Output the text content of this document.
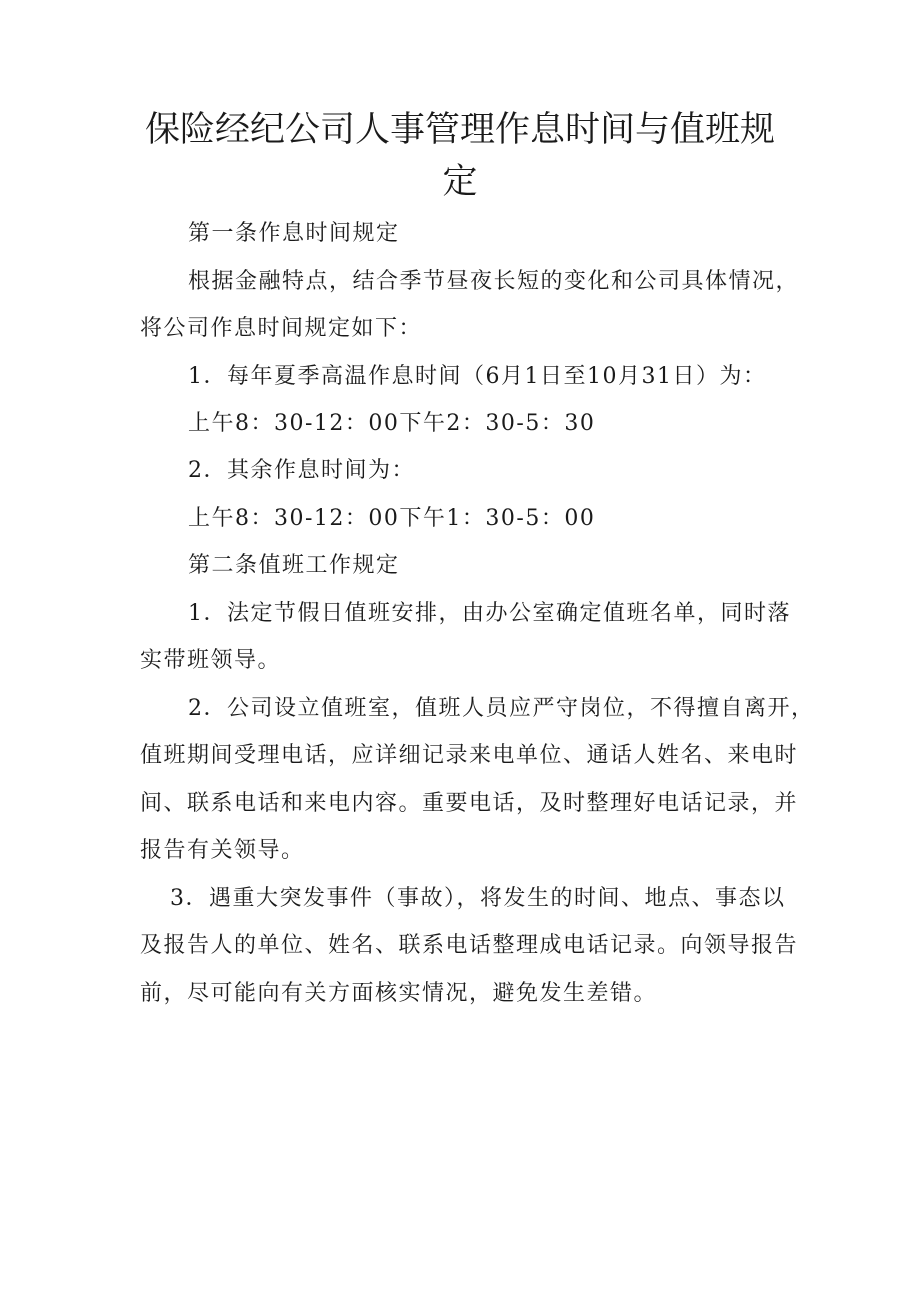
保险经纪公司人事管理作息时间与值班规定

第一条作息时间规定

根据金融特点，结合季节昼夜长短的变化和公司具体情况，

将公司作息时间规定如下：

1．每年夏季高温作息时间（6月1日至10月31日）为：

上午8：30-12：00下午2：30-5：30

2．其余作息时间为：

上午8：30-12：00下午1：30-5：00

第二条值班工作规定

1．法定节假日值班安排，由办公室确定值班名单，同时落

实带班领导。

2．公司设立值班室，值班人员应严守岗位，不得擅自离开，

值班期间受理电话，应详细记录来电单位、通话人姓名、来电时

间、联系电话和来电内容。重要电话，及时整理好电话记录，并

报告有关领导。

3．遇重大突发事件（事故），将发生的时间、地点、事态以

及报告人的单位、姓名、联系电话整理成电话记录。向领导报告

前，尽可能向有关方面核实情况，避免发生差错。
